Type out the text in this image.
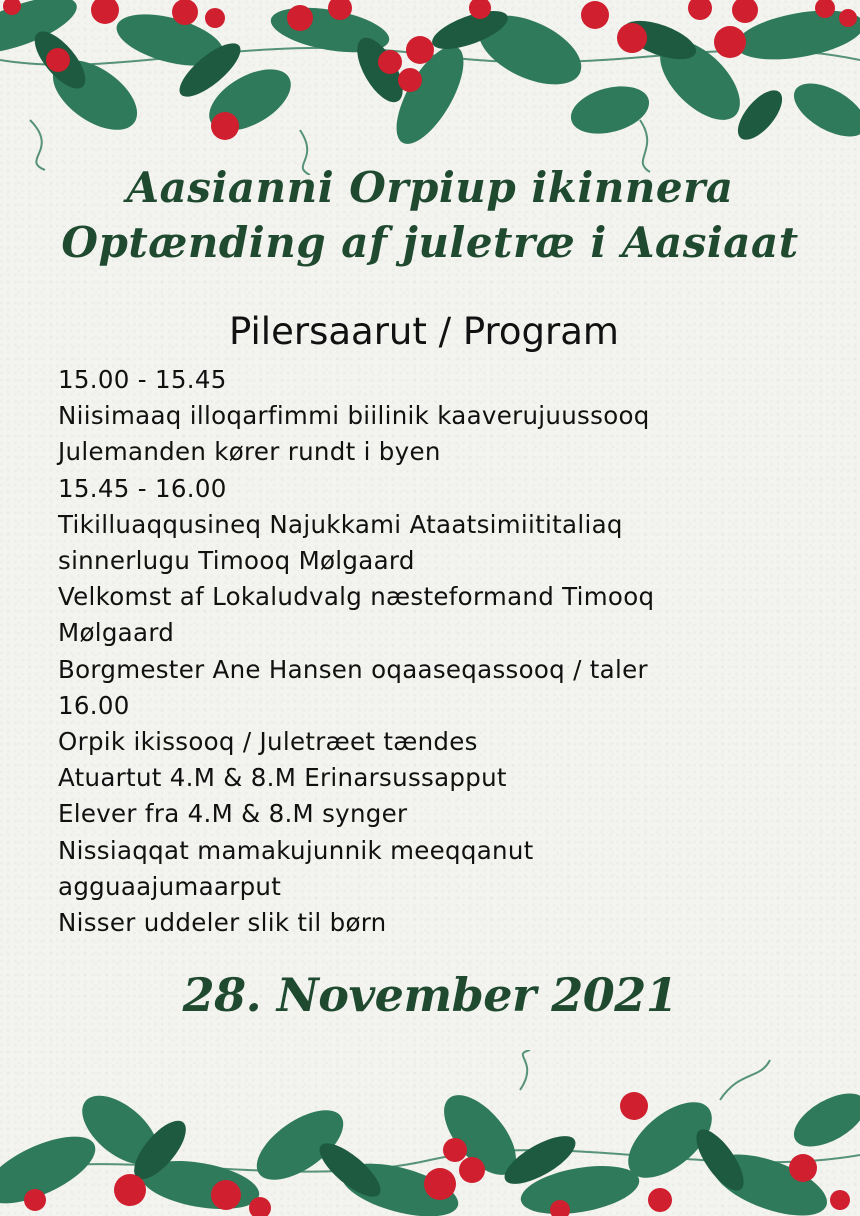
Aasianni Orpiup ikinnera
Optænding af juletræ i Aasiaat
Pilersaarut / Program
15.00 - 15.45
Niisimaaq illoqarfimmi biilinik kaaverujuussooq
Julemanden kører rundt i byen
15.45 - 16.00
Tikilluaqqusineq Najukkami Ataatsimiititaliaq
sinnerlugu Timooq Mølgaard
Velkomst af Lokaludvalg næsteformand Timooq
Mølgaard
Borgmester Ane Hansen oqaaseqassooq / taler
16.00
Orpik ikissooq / Juletræet tændes
Atuartut 4.M & 8.M Erinarsussapput
Elever fra 4.M & 8.M synger
Nissiaqqat mamakujunnik meeqqanut
agguaajumaarput
Nisser uddeler slik til børn
28. November 2021
